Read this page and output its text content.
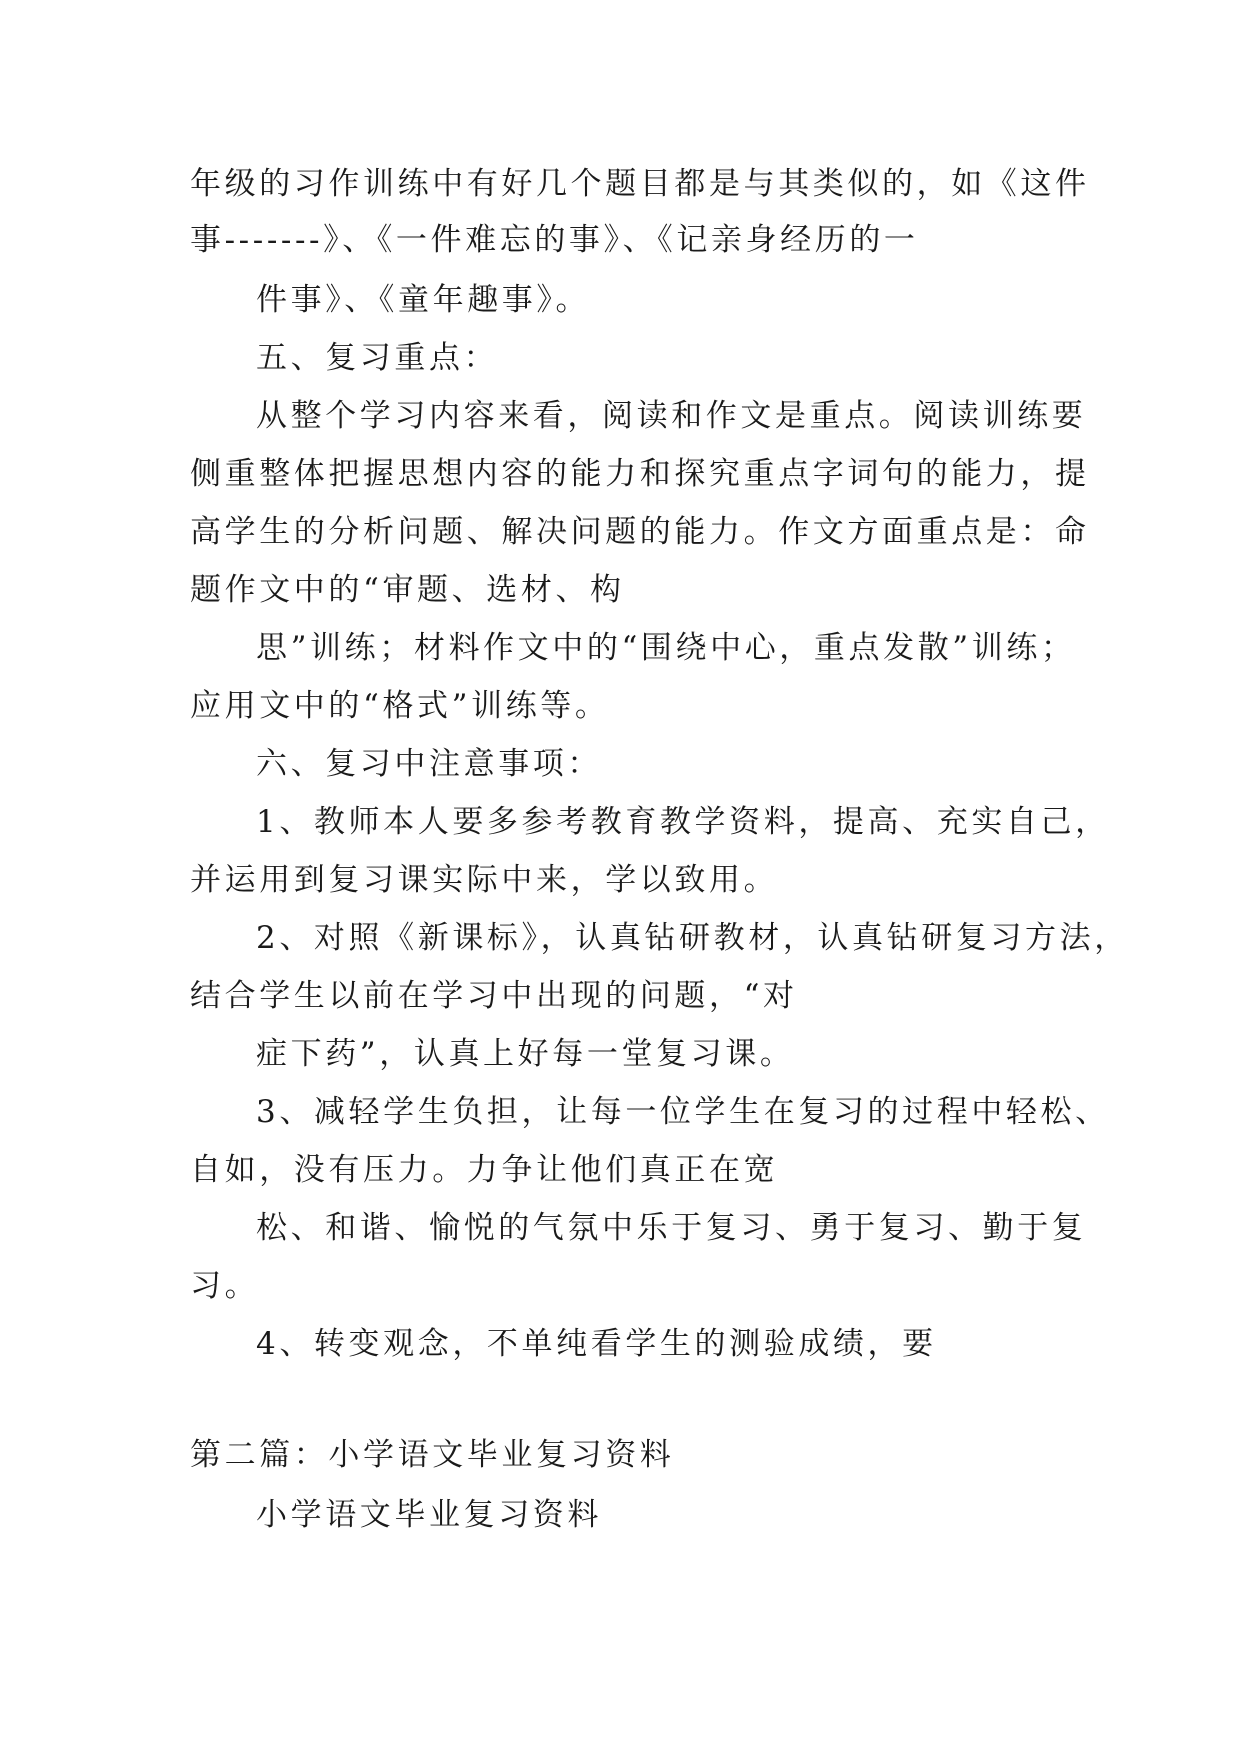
年级的习作训练中有好几个题目都是与其类似的，如《这件
事-------》、《一件难忘的事》、《记亲身经历的一
件事》、《童年趣事》。
五、复习重点：
从整个学习内容来看，阅读和作文是重点。阅读训练要
侧重整体把握思想内容的能力和探究重点字词句的能力，提
高学生的分析问题、解决问题的能力。作文方面重点是：命
题作文中的“审题、选材、构
思”训练；材料作文中的“围绕中心，重点发散”训练；
应用文中的“格式”训练等。
六、复习中注意事项：
1、教师本人要多参考教育教学资料，提高、充实自己，
并运用到复习课实际中来，学以致用。
2、对照《新课标》，认真钻研教材，认真钻研复习方法，
结合学生以前在学习中出现的问题，“对
症下药”，认真上好每一堂复习课。
3、减轻学生负担，让每一位学生在复习的过程中轻松、
自如，没有压力。力争让他们真正在宽
松、和谐、愉悦的气氛中乐于复习、勇于复习、勤于复
习。
4、转变观念，不单纯看学生的测验成绩，要
第二篇：小学语文毕业复习资料
小学语文毕业复习资料
